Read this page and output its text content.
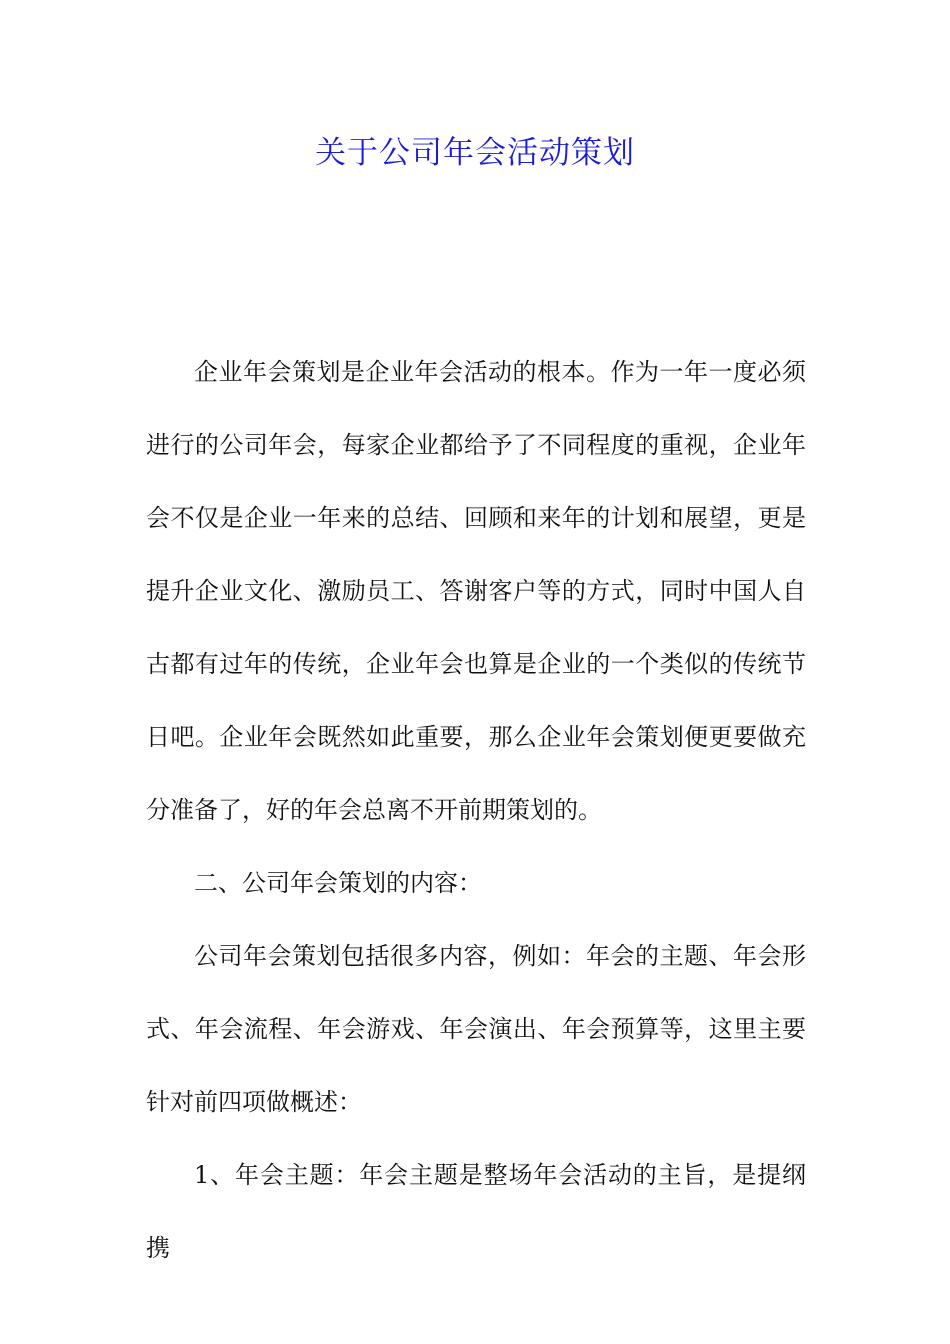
关于公司年会活动策划

企业年会策划是企业年会活动的根本。作为一年一度必须进行的公司年会，每家企业都给予了不同程度的重视，企业年会不仅是企业一年来的总结、回顾和来年的计划和展望，更是提升企业文化、激励员工、答谢客户等的方式，同时中国人自古都有过年的传统，企业年会也算是企业的一个类似的传统节日吧。企业年会既然如此重要，那么企业年会策划便更要做充分准备了，好的年会总离不开前期策划的。

二、公司年会策划的内容：

公司年会策划包括很多内容，例如：年会的主题、年会形式、年会流程、年会游戏、年会演出、年会预算等，这里主要针对前四项做概述：

1、年会主题：年会主题是整场年会活动的主旨，是提纲携
